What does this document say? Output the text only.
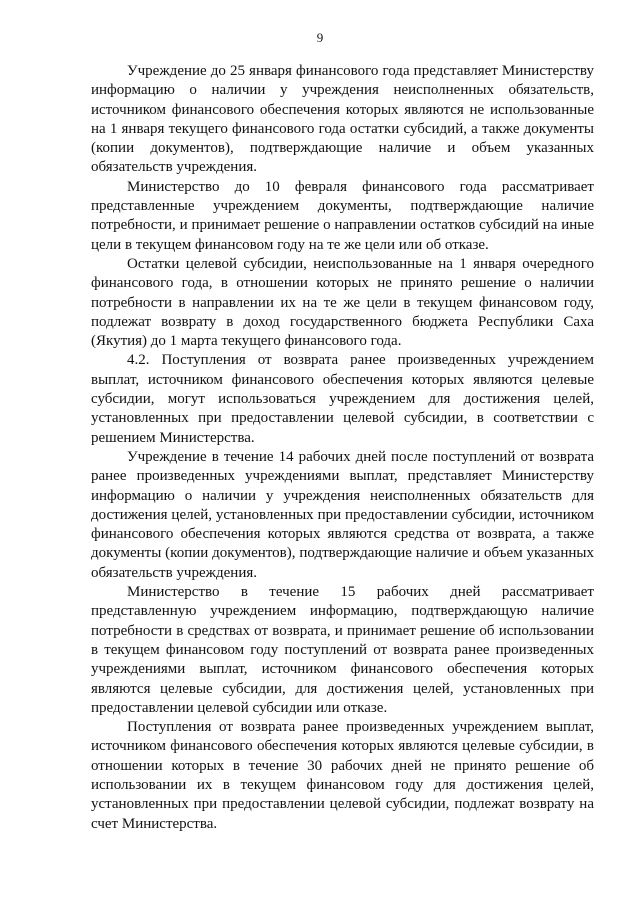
9

Учреждение до 25 января финансового года представляет Министерству информацию о наличии у учреждения неисполненных обязательств, источником финансового обеспечения которых являются не использованные на 1 января текущего финансового года остатки субсидий, а также документы (копии документов), подтверждающие наличие и объем указанных обязательств учреждения.

Министерство до 10 февраля финансового года рассматривает представленные учреждением документы, подтверждающие наличие потребности, и принимает решение о направлении остатков субсидий на иные цели в текущем финансовом году на те же цели или об отказе.

Остатки целевой субсидии, неиспользованные на 1 января очередного финансового года, в отношении которых не принято решение о наличии потребности в направлении их на те же цели в текущем финансовом году, подлежат возврату в доход государственного бюджета Республики Саха (Якутия) до 1 марта текущего финансового года.

4.2. Поступления от возврата ранее произведенных учреждением выплат, источником финансового обеспечения которых являются целевые субсидии, могут использоваться учреждением для достижения целей, установленных при предоставлении целевой субсидии, в соответствии с решением Министерства.

Учреждение в течение 14 рабочих дней после поступлений от возврата ранее произведенных учреждениями выплат, представляет Министерству информацию о наличии у учреждения неисполненных обязательств для достижения целей, установленных при предоставлении субсидии, источником финансового обеспечения которых являются средства от возврата, а также документы (копии документов), подтверждающие наличие и объем указанных обязательств учреждения.

Министерство в течение 15 рабочих дней рассматривает представленную учреждением информацию, подтверждающую наличие потребности в средствах от возврата, и принимает решение об использовании в текущем финансовом году поступлений от возврата ранее произведенных учреждениями выплат, источником финансового обеспечения которых являются целевые субсидии, для достижения целей, установленных при предоставлении целевой субсидии или отказе.

Поступления от возврата ранее произведенных учреждением выплат, источником финансового обеспечения которых являются целевые субсидии, в отношении которых в течение 30 рабочих дней не принято решение об использовании их в текущем финансовом году для достижения целей, установленных при предоставлении целевой субсидии, подлежат возврату на счет Министерства.
